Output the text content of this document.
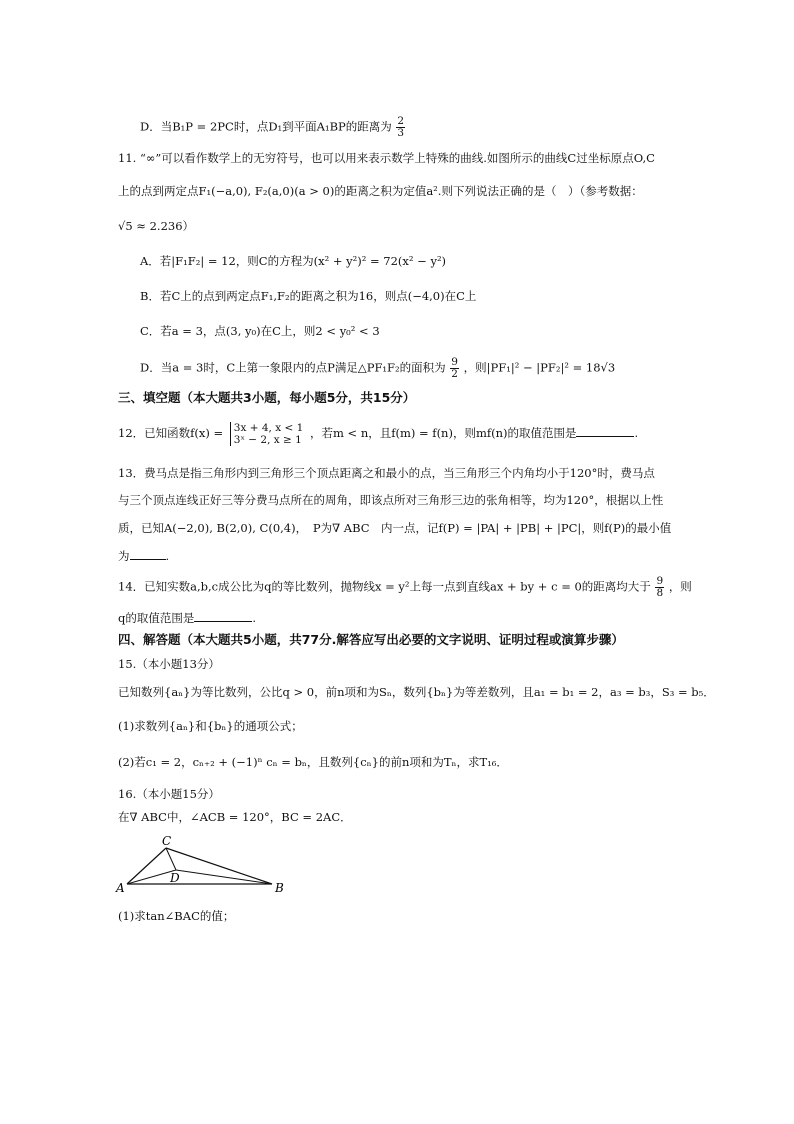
D．当B₁P = 2PC时，点D₁到平面A₁BP的距离为 $\frac{2}{3}$
11. “∞”可以看作数学上的无穷符号，也可以用来表示数学上特殊的曲线.如图所示的曲线C过坐标原点O,C
上的点到两定点F₁(−a,0), F₂(a,0)(a > 0)的距离之积为定值a².则下列说法正确的是（　）（参考数据：
√5 ≈ 2.236）
A．若|F₁F₂| = 12，则C的方程为(x² + y²)² = 72(x² − y²)
B．若C上的点到两定点F₁,F₂的距离之积为16，则点(−4,0)在C上
C．若a = 3，点(3, y₀)在C上，则2 < y₀² < 3
D．当a = 3时，C上第一象限内的点P满足△PF₁F₂的面积为 $\frac{9}{2}$ ，则|PF₁|² − |PF₂|² = 18√3
三、填空题（本大题共3小题，每小题5分，共15分）
12．已知函数f(x) = 3x + 4, x < 1
3ˣ − 2, x ≥ 1 ，若m < n，且f(m) = f(n)，则mf(n)的取值范围是	.
13．费马点是指三角形内到三角形三个顶点距离之和最小的点，当三角形三个内角均小于120°时，费马点
与三个顶点连线正好三等分费马点所在的周角，即该点所对三角形三边的张角相等，均为120°，根据以上性
质，已知A(−2,0), B(2,0), C(0,4)，　P为∇ ABC　内一点，记f(P) = |PA| + |PB| + |PC|，则f(P)的最小值
为	.
14．已知实数a,b,c成公比为q的等比数列，抛物线x = y²上每一点到直线ax + by + c = 0的距离均大于 $\frac{9}{8}$ ，则
q的取值范围是	.
四、解答题（本大题共5小题，共77分.解答应写出必要的文字说明、证明过程或演算步骤）
15.（本小题13分）
已知数列{aₙ}为等比数列，公比q > 0，前n项和为Sₙ，数列{bₙ}为等差数列，且a₁ = b₁ = 2，a₃ = b₃，S₃ = b₅．
(1)求数列{aₙ}和{bₙ}的通项公式；
(2)若c₁ = 2，cₙ₊₂ + (−1)ⁿ cₙ = bₙ，且数列{cₙ}的前n项和为Tₙ，求T₁₆．
16.（本小题15分）
在∇ ABC中，∠ACB = 120°，BC = 2AC．
A	B
C
D
(1)求tan∠BAC的值；
